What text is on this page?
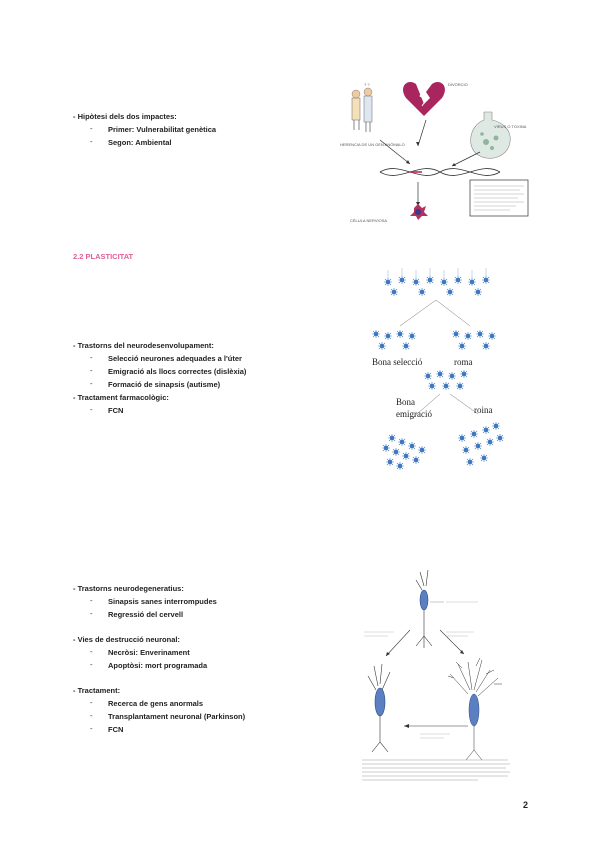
- Hipòtesi dels dos impactes:
- Primer: Vulnerabilitat genètica
- Segon: Ambiental
? ?	DIVORCIO
VIRUS O TOXINA
HERENCIA DE UN GEN ANÓMALO
CÉLULA NERVIOSA
2.2 PLASTICITAT
- Trastorns del neurodesenvolupament:
- Selecció neurones adequades a l'úter
- Emigració als llocs correctes (dislèxia)
- Formació de sinapsis (autisme)
- Tractament farmacològic:
- FCN
Bona selecció	roma
Bona
emigració	roina
- Trastorns neurodegeneratius:
- Sinapsis sanes interrompudes
- Regressió del cervell
- Vies de destrucció neuronal:
- Necròsi: Enverinament
- Apoptòsi: mort programada
- Tractament:
- Recerca de gens anormals
- Transplantament neuronal (Parkinson)
- FCN
2
